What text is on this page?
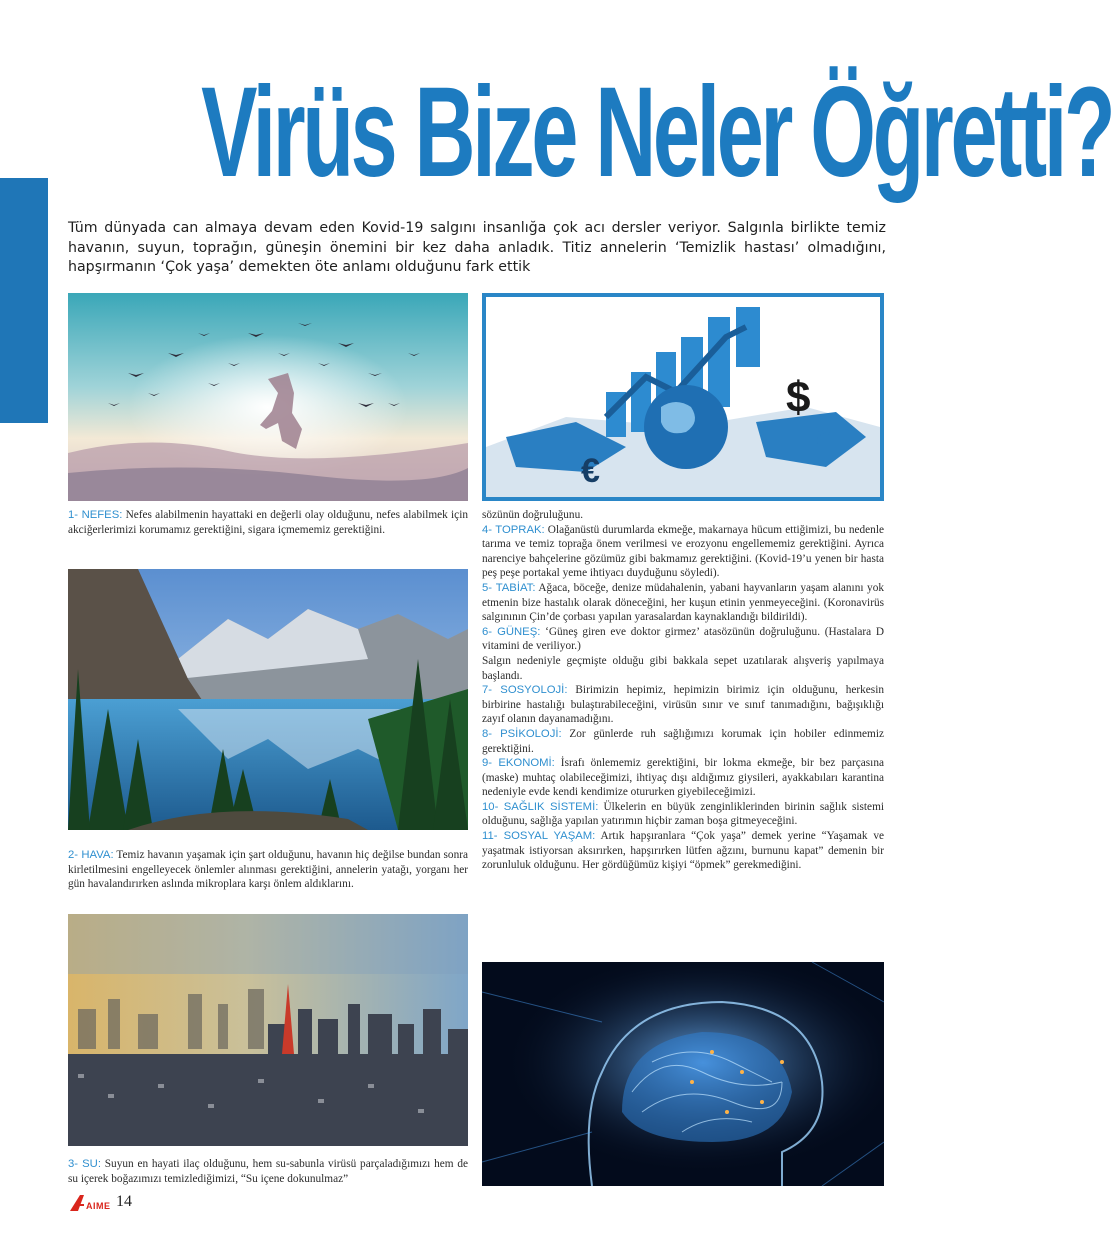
Virüs Bize Neler Öğretti?

Tüm dünyada can almaya devam eden Kovid-19 salgını insanlığa çok acı dersler veriyor. Salgınla birlikte temiz havanın, suyun, toprağın, güneşin önemini bir kez daha anladık. Titiz annelerin ‘Temizlik hastası’ olmadığını, hapşırmanın ‘Çok yaşa’ demekten öte anlamı olduğunu fark ettik

1- NEFES: Nefes alabilmenin hayattaki en değerli olay olduğunu, nefes alabilmek için akciğerlerimizi korumamız gerektiğini, sigara içmememiz gerektiğini.

2- HAVA: Temiz havanın yaşamak için şart olduğunu, havanın hiç değilse bundan sonra kirletilmesini engelleyecek önlemler alınması gerektiğini, annelerin yatağı, yorganı her gün havalandırırken aslında mikroplara karşı önlem aldıklarını.

3- SU: Suyun en hayati ilaç olduğunu, hem su-sabunla virüsü parçaladığımızı hem de su içerek boğazımızı temizlediğimizi, “Su içene dokunulmaz”

$
¥
€

sözünün doğruluğunu.

4- TOPRAK: Olağanüstü durumlarda ekmeğe, makarnaya hücum ettiğimizi, bu nedenle tarıma ve temiz toprağa önem verilmesi ve erozyonu engellememiz gerektiğini. Ayrıca narenciye bahçelerine gözümüz gibi bakmamız gerektiğini. (Kovid-19’u yenen bir hasta peş peşe portakal yeme ihtiyacı duyduğunu söyledi).

5- TABİAT: Ağaca, böceğe, denize müdahalenin, yabani hayvanların yaşam alanını yok etmenin bize hastalık olarak döneceğini, her kuşun etinin yenmeyeceğini. (Koronavirüs salgınının Çin’de çorbası yapılan yarasalardan kaynaklandığı bildirildi).

6- GÜNEŞ: ‘Güneş giren eve doktor girmez’ atasözünün doğruluğunu. (Hastalara D vitamini de veriliyor.)

Salgın nedeniyle geçmişte olduğu gibi bakkala sepet uzatılarak alışveriş yapılmaya başlandı.

7- SOSYOLOJİ: Birimizin hepimiz, hepimizin birimiz için olduğunu, herkesin birbirine hastalığı bulaştırabileceğini, virüsün sınır ve sınıf tanımadığını, bağışıklığı zayıf olanın dayanamadığını.

8- PSİKOLOJİ: Zor günlerde ruh sağlığımızı korumak için hobiler edinmemiz gerektiğini.

9- EKONOMİ: İsrafı önlememiz gerektiğini, bir lokma ekmeğe, bir bez parçasına (maske) muhtaç olabileceğimizi, ihtiyaç dışı aldığımız giysileri, ayakkabıları karantina nedeniyle evde kendi kendimize otururken giyebileceğimizi.

10- SAĞLIK SİSTEMİ: Ülkelerin en büyük zenginliklerinden birinin sağlık sistemi olduğunu, sağlığa yapılan yatırımın hiçbir zaman boşa gitmeyeceğini.

11- SOSYAL YAŞAM: Artık hapşıranlara “Çok yaşa” demek yerine “Yaşamak ve yaşatmak istiyorsan aksırırken, hapşırırken lütfen ağzını, burnunu kapat” demenin bir zorunluluk olduğunu. Her gördüğümüz kişiyi “öpmek” gerekmediğini.

AIME 14
